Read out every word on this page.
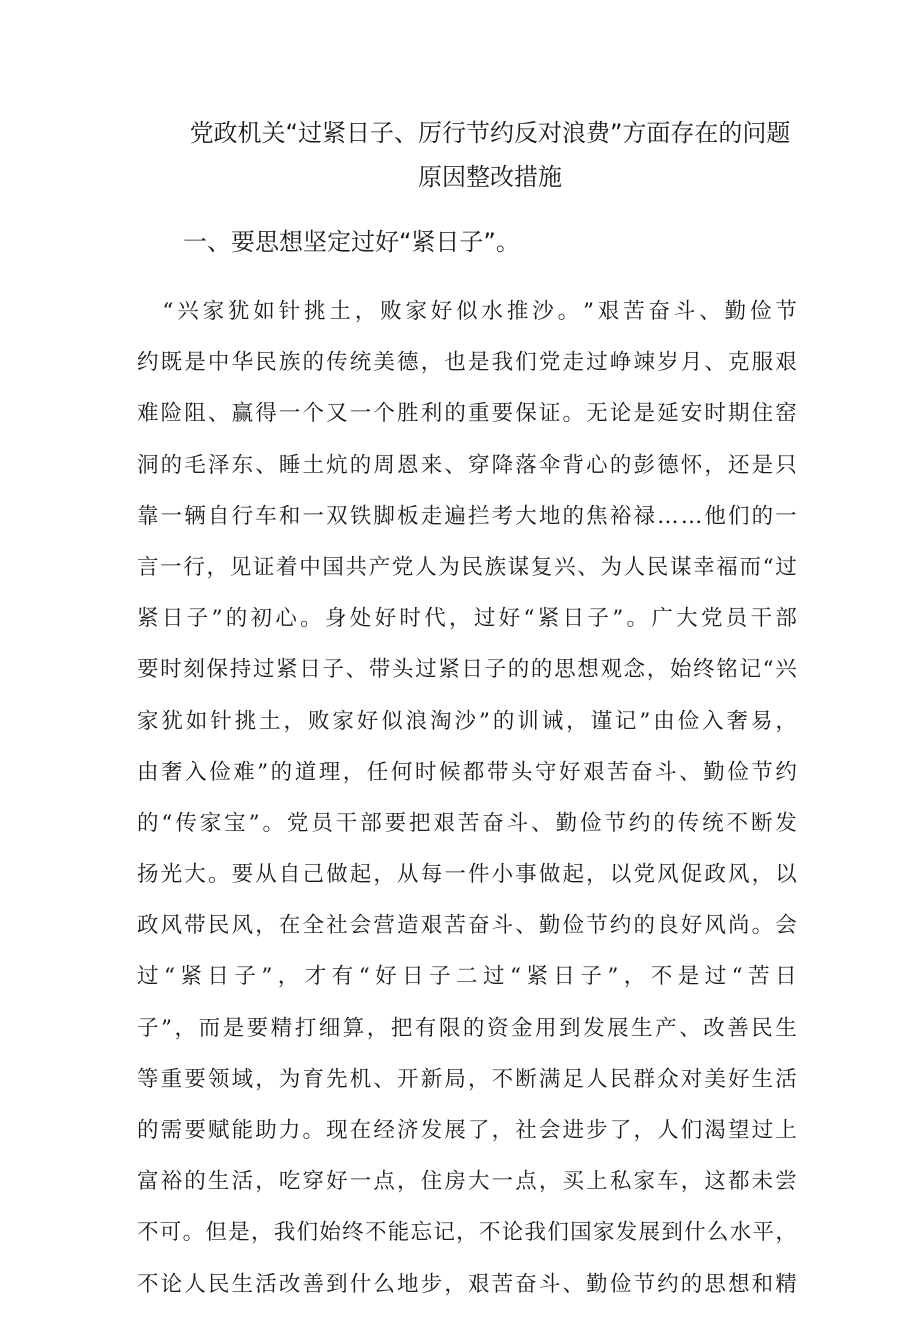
党政机关“过紧日子、厉行节约反对浪费”方面存在的问题
原因整改措施
一、要思想坚定过好“紧日子”。

“ 兴 家 犹 如 针 挑 土 ， 败 家 好 似 水 推 沙 。 ” 艰 苦 奋 斗 、 勤 俭 节
约 既 是 中 华 民 族 的 传 统 美 德 ， 也 是 我 们 党 走 过 峥 竦 岁 月 、 克 服 艰
难 险 阻 、 赢 得 一 个 又 一 个 胜 利 的 重 要 保 证 。 无 论 是 延 安 时 期 住 窑
洞 的 毛 泽 东 、 睡 土 炕 的 周 恩 来 、 穿 降 落 伞 背 心 的 彭 德 怀 ， 还 是 只
靠 一 辆 自 行 车 和 一 双 铁 脚 板 走 遍 拦 考 大 地 的 焦 裕 禄 … … 他 们 的 一
言 一 行 ， 见 证 着 中 国 共 产 党 人 为 民 族 谋 复 兴 、 为 人 民 谋 幸 福 而 “ 过
紧 日 子 ” 的 初 心 。 身 处 好 时 代 ， 过 好 “ 紧 日 子 ” 。 广 大 党 员 干 部
要 时 刻 保 持 过 紧 日 子 、 带 头 过 紧 日 子 的 的 思 想 观 念 ， 始 终 铭 记 “ 兴
家 犹 如 针 挑 土 ， 败 家 好 似 浪 淘 沙 ” 的 训 诫 ， 谨 记 ” 由 俭 入 奢 易 ，
由 奢 入 俭 难 ” 的 道 理 ， 任 何 时 候 都 带 头 守 好 艰 苦 奋 斗 、 勤 俭 节 约
的 “ 传 家 宝 ” 。 党 员 干 部 要 把 艰 苦 奋 斗 、 勤 俭 节 约 的 传 统 不 断 发
扬 光 大 。 要 从 自 己 做 起 ， 从 每 一 件 小 事 做 起 ， 以 党 风 促 政 风 ， 以
政 风 带 民 风 ， 在 全 社 会 营 造 艰 苦 奋 斗 、 勤 俭 节 约 的 良 好 风 尚 。 会
过 “ 紧 日 子 ” ， 才 有 “ 好 日 子 二 过 “ 紧 日 子 ” ， 不 是 过 “ 苦 日
子 ” ， 而 是 要 精 打 细 算 ， 把 有 限 的 资 金 用 到 发 展 生 产 、 改 善 民 生
等 重 要 领 域 ， 为 育 先 机 、 开 新 局 ， 不 断 满 足 人 民 群 众 对 美 好 生 活
的 需 要 赋 能 助 力 。 现 在 经 济 发 展 了 ， 社 会 进 步 了 ， 人 们 渴 望 过 上
富 裕 的 生 活 ， 吃 穿 好 一 点 ， 住 房 大 一 点 ， 买 上 私 家 车 ， 这 都 未 尝
不 可 。 但 是 ， 我 们 始 终 不 能 忘 记 ， 不 论 我 们 国 家 发 展 到 什 么 水 平 ，
不 论 人 民 生 活 改 善 到 什 么 地 步 ， 艰 苦 奋 斗 、 勤 俭 节 约 的 思 想 和 精
